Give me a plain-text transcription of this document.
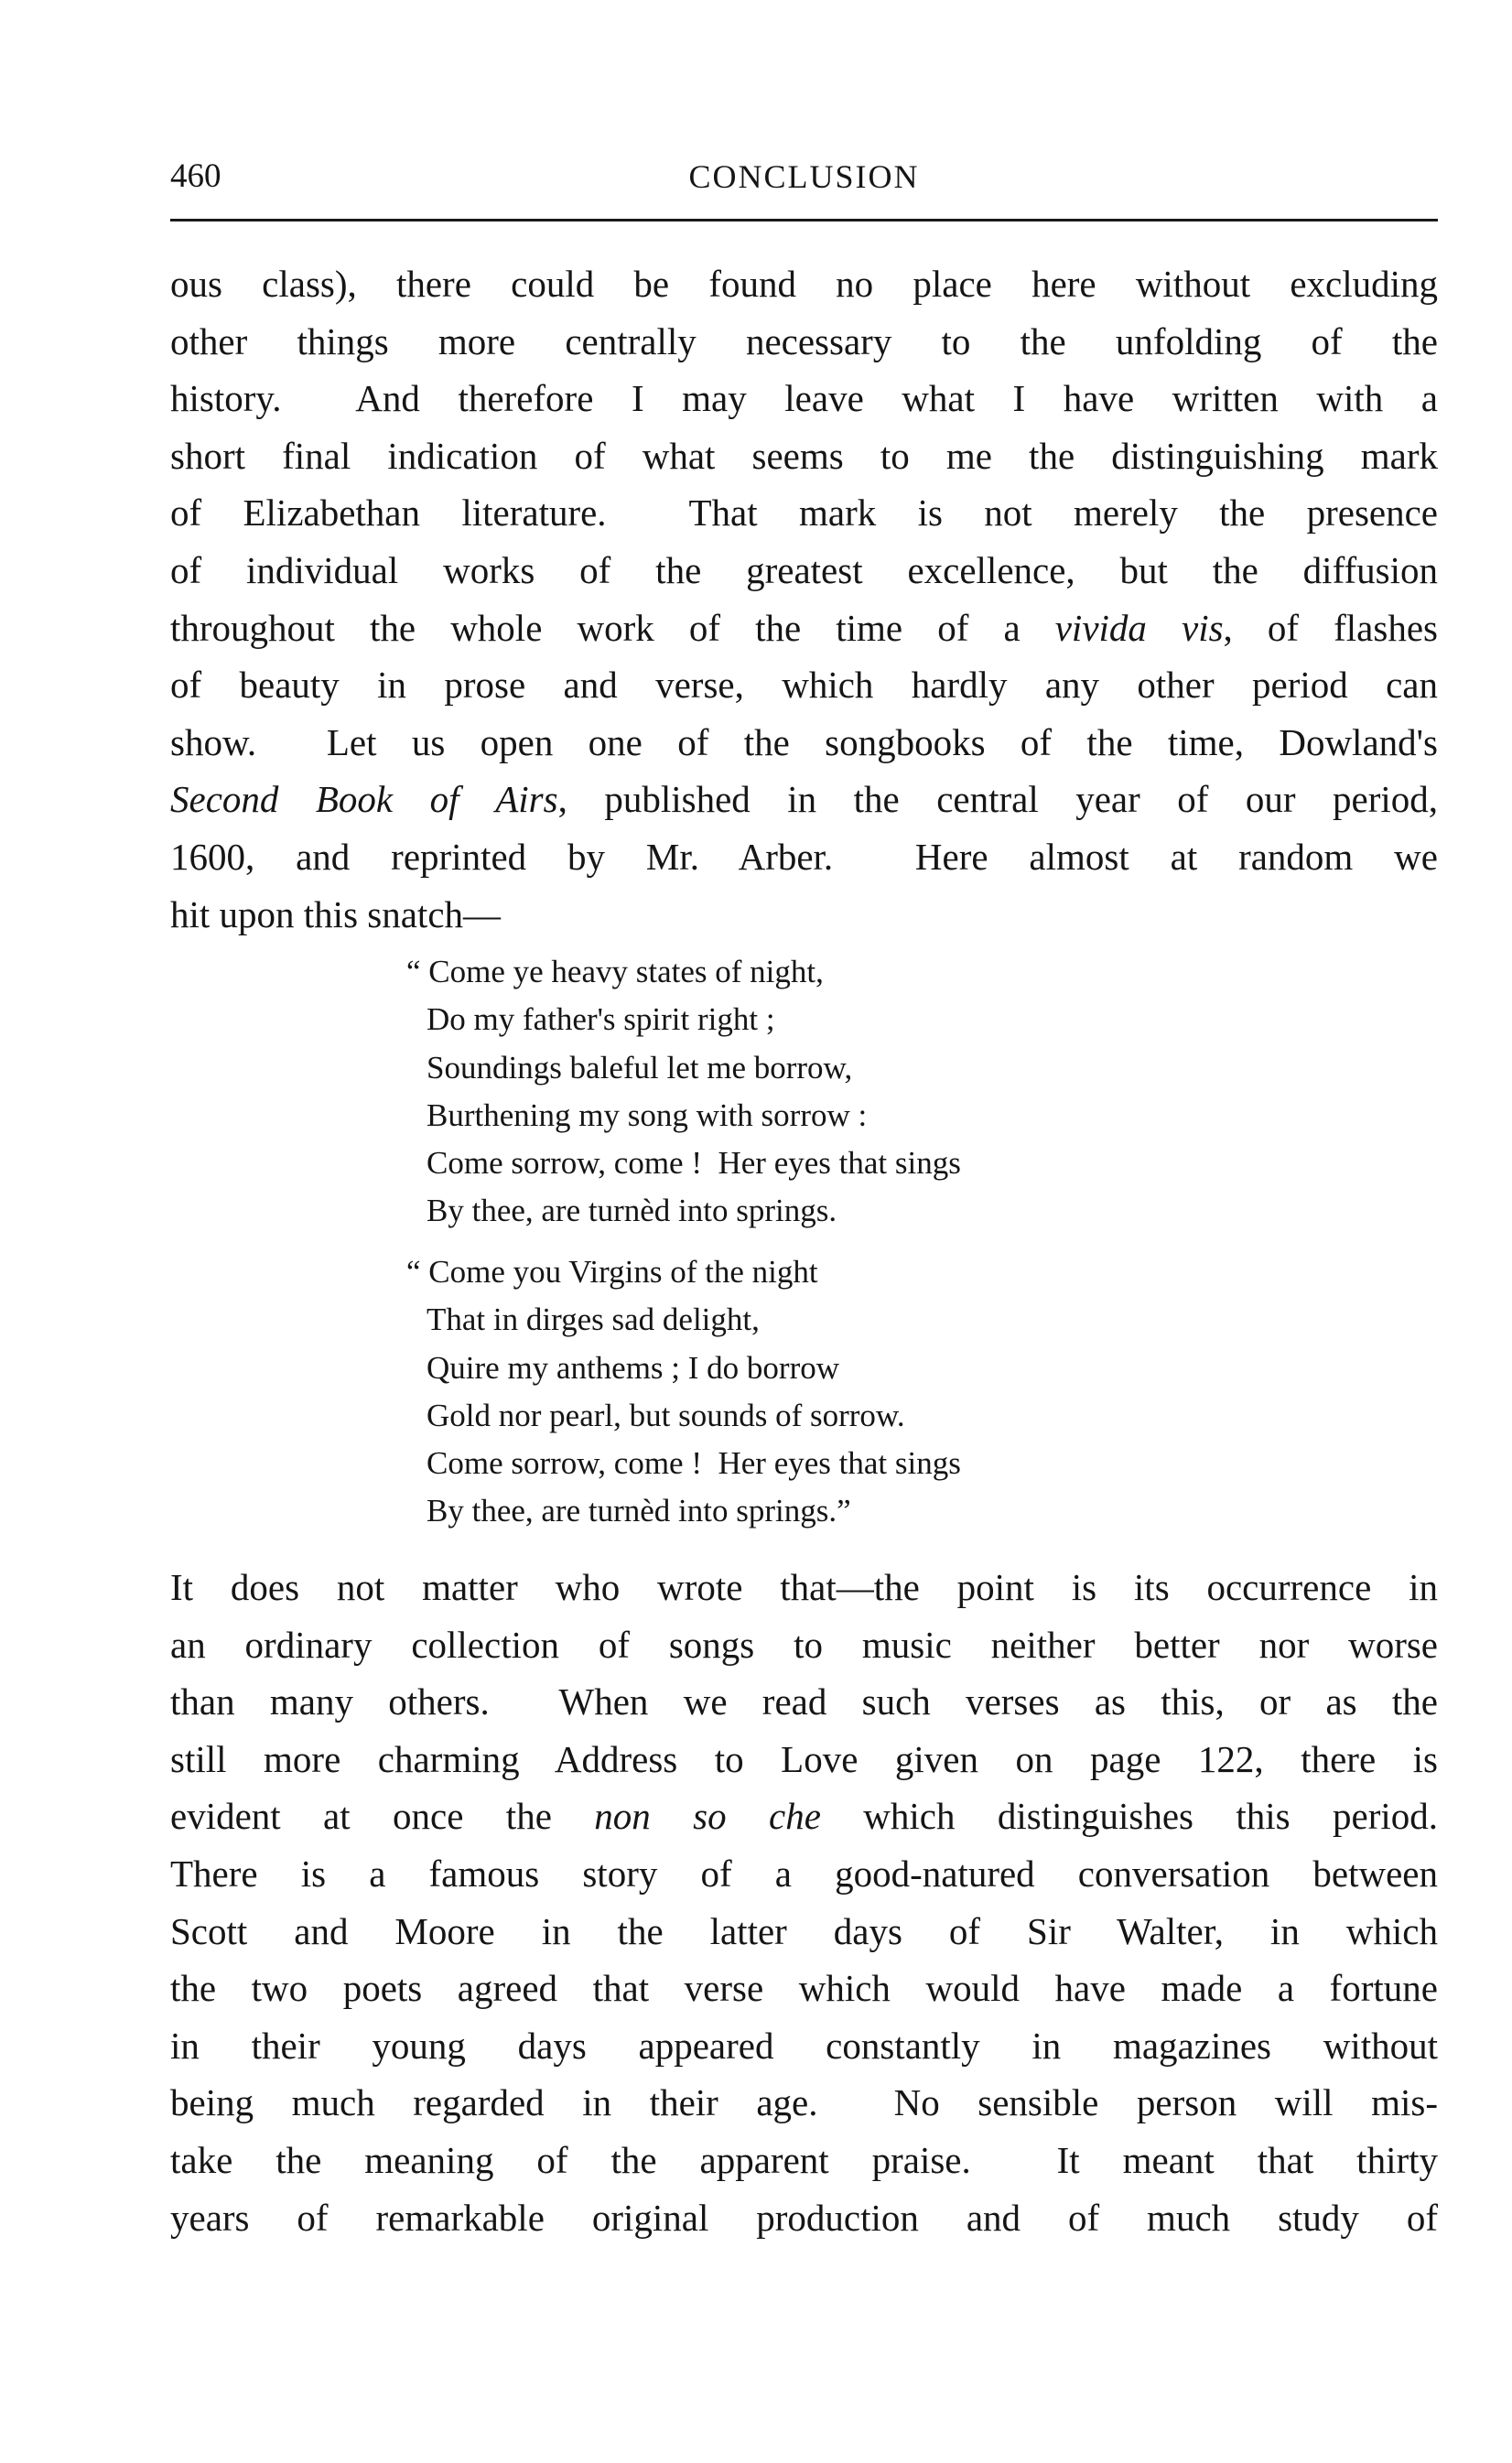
460	CONCLUSION
ous class), there could be found no place here without excluding
other things more centrally necessary to the unfolding of the
history.  And therefore I may leave what I have written with a
short final indication of what seems to me the distinguishing mark
of Elizabethan literature.  That mark is not merely the presence
of individual works of the greatest excellence, but the diffusion
throughout the whole work of the time of a vivida vis, of flashes
of beauty in prose and verse, which hardly any other period can
show.  Let us open one of the songbooks of the time, Dowland's
Second Book of Airs, published in the central year of our period,
1600, and reprinted by Mr. Arber.  Here almost at random we
hit upon this snatch—
“ Come ye heavy states of night,
Do my father's spirit right ;
Soundings baleful let me borrow,
Burthening my song with sorrow :
Come sorrow, come !  Her eyes that sings
By thee, are turnèd into springs.
“ Come you Virgins of the night
That in dirges sad delight,
Quire my anthems ; I do borrow
Gold nor pearl, but sounds of sorrow.
Come sorrow, come !  Her eyes that sings
By thee, are turnèd into springs.”
It does not matter who wrote that—the point is its occurrence in
an ordinary collection of songs to music neither better nor worse
than many others.  When we read such verses as this, or as the
still more charming Address to Love given on page 122, there is
evident at once the non so che which distinguishes this period.
There is a famous story of a good-natured conversation between
Scott and Moore in the latter days of Sir Walter, in which
the two poets agreed that verse which would have made a fortune
in their young days appeared constantly in magazines without
being much regarded in their age.  No sensible person will mis-
take the meaning of the apparent praise.  It meant that thirty
years of remarkable original production and of much study of
